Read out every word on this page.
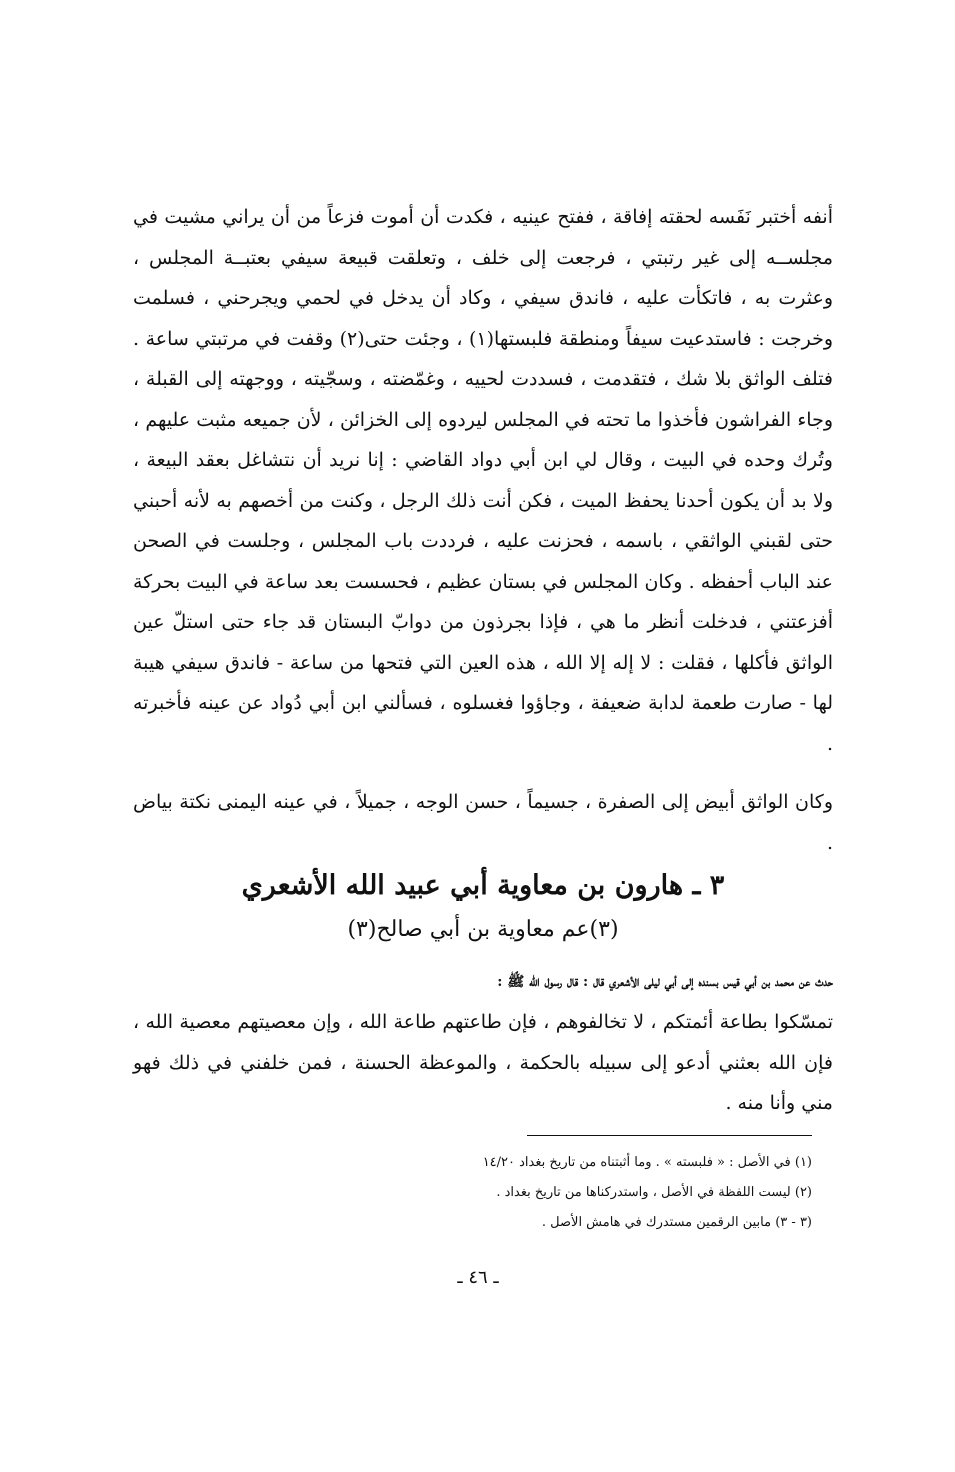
أنفه أختبر نَفَسه لحقته إفاقة ، ففتح عينيه ، فكدت أن أموت فزعاً من أن يراني مشيت في مجلســه إلى غير رتبتي ، فرجعت إلى خلف ، وتعلقت قبيعة سيفي بعتبــة المجلس ، وعثرت به ، فاتكأت عليه ، فاندق سيفي ، وكاد أن يدخل في لحمي ويجرحني ، فسلمت وخرجت : فاستدعيت سيفاً ومنطقة فلبستها(١) ، وجئت حتى(٢) وقفت في مرتبتي ساعة . فتلف الواثق بلا شك ، فتقدمت ، فسددت لحييه ، وغمّضته ، وسجّيته ، ووجهته إلى القبلة ، وجاء الفراشون فأخذوا ما تحته في المجلس ليردوه إلى الخزائن ، لأن جميعه مثبت عليهم ، وتُرك وحده في البيت ، وقال لي ابن أبي دواد القاضي : إنا نريد أن نتشاغل بعقد البيعة ، ولا بد أن يكون أحدنا يحفظ الميت ، فكن أنت ذلك الرجل ، وكنت من أخصهم به لأنه أحبني حتى لقبني الواثقي ، باسمه ، فحزنت عليه ، فرددت باب المجلس ، وجلست في الصحن عند الباب أحفظه . وكان المجلس في بستان عظيم ، فحسست بعد ساعة في البيت بحركة أفزعتني ، فدخلت أنظر ما هي ، فإذا بجرذون من دوابّ البستان قد جاء حتى استلّ عين الواثق فأكلها ، فقلت : لا إله إلا الله ، هذه العين التي فتحها من ساعة - فاندق سيفي هيبة لها - صارت طعمة لدابة ضعيفة ، وجاؤوا فغسلوه ، فسألني ابن أبي دُواد عن عينه فأخبرته .

وكان الواثق أبيض إلى الصفرة ، جسيماً ، حسن الوجه ، جميلاً ، في عينه اليمنى نكتة بياض .

٣ ـ هارون بن معاوية أبي عبيد الله الأشعري
(٣)عم معاوية بن أبي صالح(٣)

حدث عن محمد بن أبي قيس بسنده إلى أبي ليلى الأشعري قال : قال رسول الله ﷺ :

تمسّكوا بطاعة أئمتكم ، لا تخالفوهم ، فإن طاعتهم طاعة الله ، وإن معصيتهم معصية الله ، فإن الله بعثني أدعو إلى سبيله بالحكمة ، والموعظة الحسنة ، فمن خلفني في ذلك فهو مني وأنا منه .

(١) في الأصل : « فلبسته » . وما أثبتناه من تاريخ بغداد ١٤/٢٠
(٢) ليست اللفظة في الأصل ، واستدركناها من تاريخ بغداد .
(٣ - ٣) مابين الرقمين مستدرك في هامش الأصل .
ـ ٤٦ ـ
